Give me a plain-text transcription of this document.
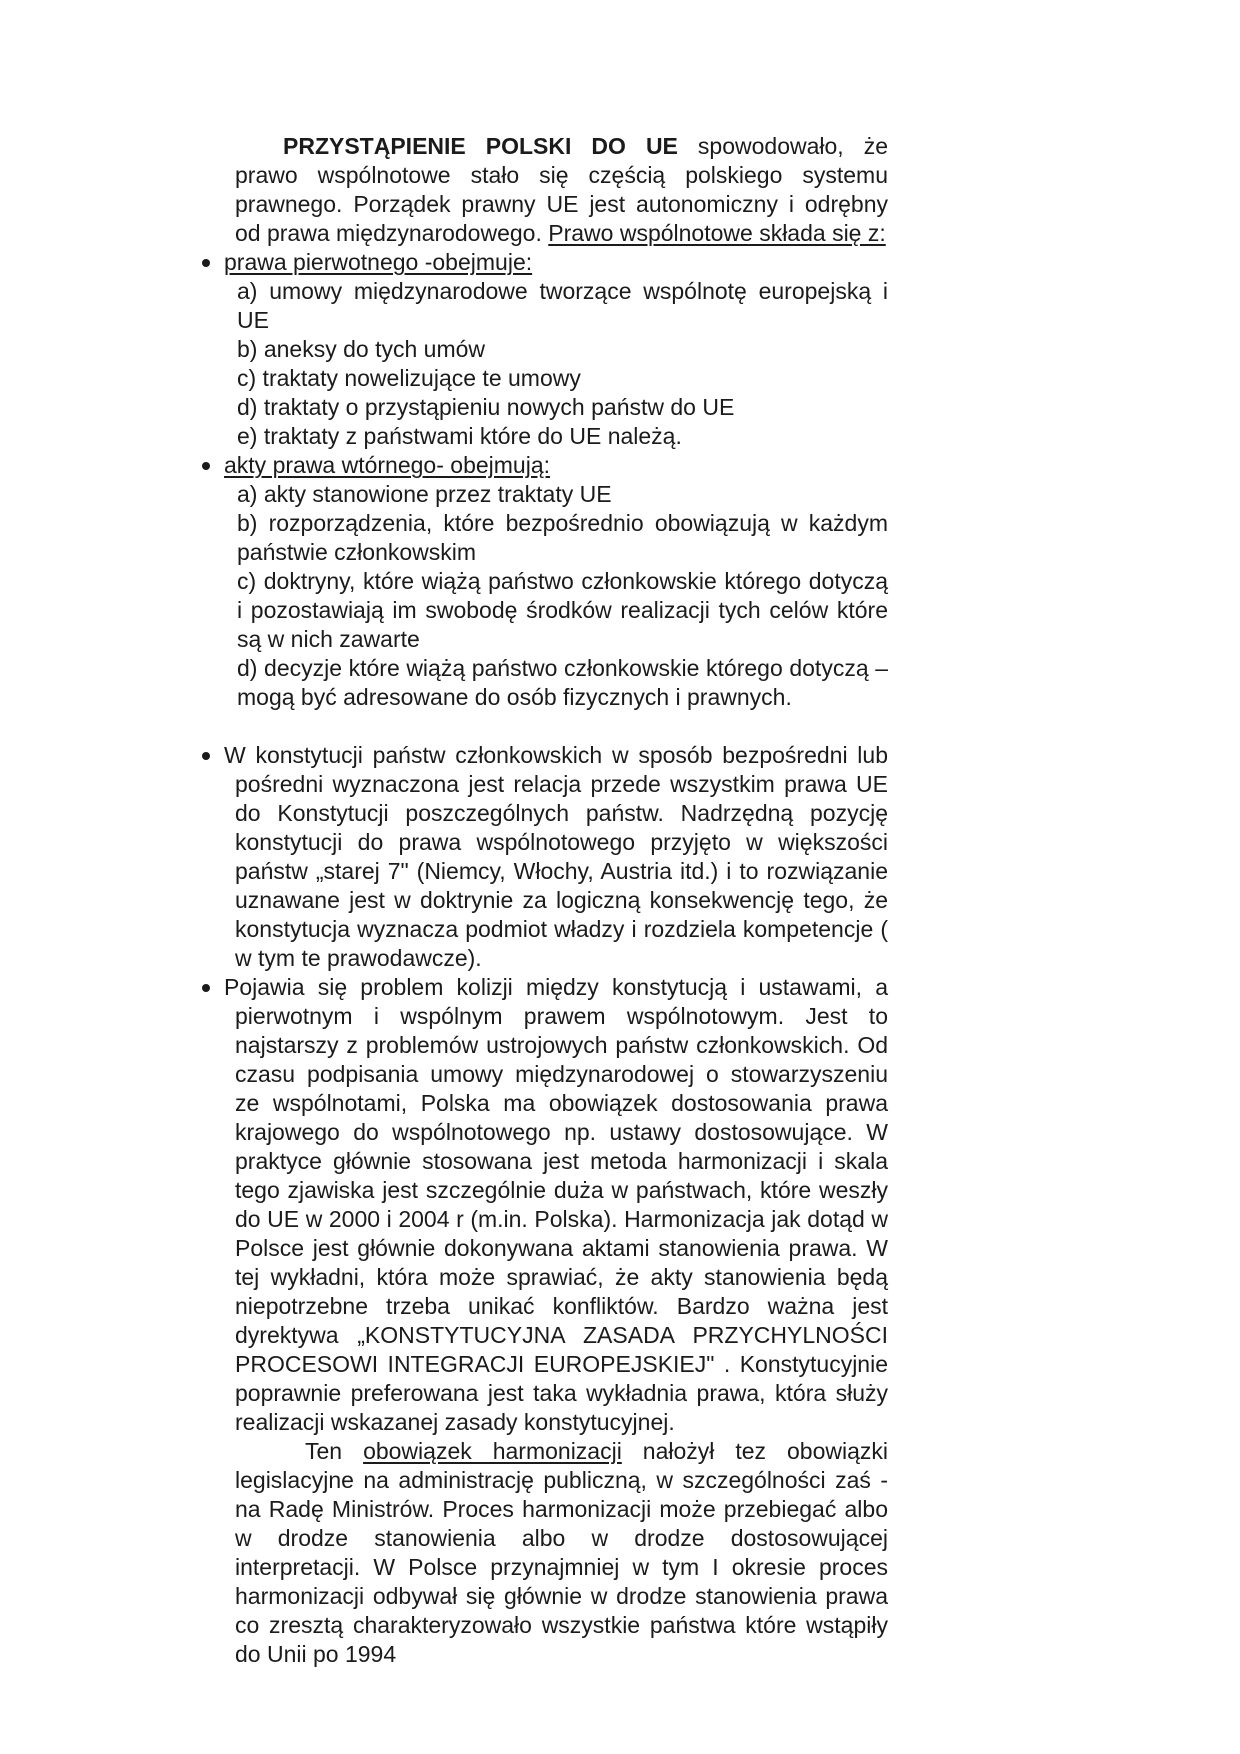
PRZYSTĄPIENIE POLSKI DO UE spowodowało, że prawo wspólnotowe stało się częścią polskiego systemu prawnego. Porządek prawny UE jest autonomiczny i odrębny od prawa międzynarodowego. Prawo wspólnotowe składa się z:

prawa pierwotnego -obejmuje:
a) umowy międzynarodowe tworzące wspólnotę europejską i UE
b) aneksy do tych umów
c) traktaty nowelizujące te umowy
d) traktaty o przystąpieniu nowych państw do UE
e) traktaty z państwami które do UE należą.
akty prawa wtórnego- obejmują:
a) akty stanowione przez traktaty UE
b) rozporządzenia, które bezpośrednio obowiązują w każdym państwie członkowskim
c) doktryny, które wiążą państwo członkowskie którego dotyczą i pozostawiają im swobodę środków realizacji tych celów które są w nich zawarte
d) decyzje które wiążą państwo członkowskie którego dotyczą – mogą być adresowane do osób fizycznych i prawnych.
W konstytucji państw członkowskich w sposób bezpośredni lub pośredni wyznaczona jest relacja przede wszystkim prawa UE do Konstytucji poszczególnych państw. Nadrzędną pozycję konstytucji do prawa wspólnotowego przyjęto w większości państw „starej 7" (Niemcy, Włochy, Austria itd.) i to rozwiązanie uznawane jest w doktrynie za logiczną konsekwencję tego, że konstytucja wyznacza podmiot władzy i rozdziela kompetencje ( w tym te prawodawcze).
Pojawia się problem kolizji między konstytucją i ustawami, a pierwotnym i wspólnym prawem wspólnotowym. Jest to najstarszy z problemów ustrojowych państw członkowskich. Od czasu podpisania umowy międzynarodowej o stowarzyszeniu ze wspólnotami, Polska ma obowiązek dostosowania prawa krajowego do wspólnotowego np. ustawy dostosowujące. W praktyce głównie stosowana jest metoda harmonizacji i skala tego zjawiska jest szczególnie duża w państwach, które weszły do UE w 2000 i 2004 r (m.in. Polska). Harmonizacja jak dotąd w Polsce jest głównie dokonywana aktami stanowienia prawa. W tej wykładni, która może sprawiać, że akty stanowienia będą niepotrzebne trzeba unikać konfliktów. Bardzo ważna jest dyrektywa „KONSTYTUCYJNA ZASADA PRZYCHYLNOŚCI PROCESOWI INTEGRACJI EUROPEJSKIEJ" . Konstytucyjnie poprawnie preferowana jest taka wykładnia prawa, która służy realizacji wskazanej zasady konstytucyjnej.

Ten obowiązek harmonizacji nałożył tez obowiązki legislacyjne na administrację publiczną, w szczególności zaś - na Radę Ministrów. Proces harmonizacji może przebiegać albo w drodze stanowienia albo w drodze dostosowującej interpretacji. W Polsce przynajmniej w tym I okresie proces harmonizacji odbywał się głównie w drodze stanowienia prawa co zresztą charakteryzowało wszystkie państwa które wstąpiły do Unii po 1994
